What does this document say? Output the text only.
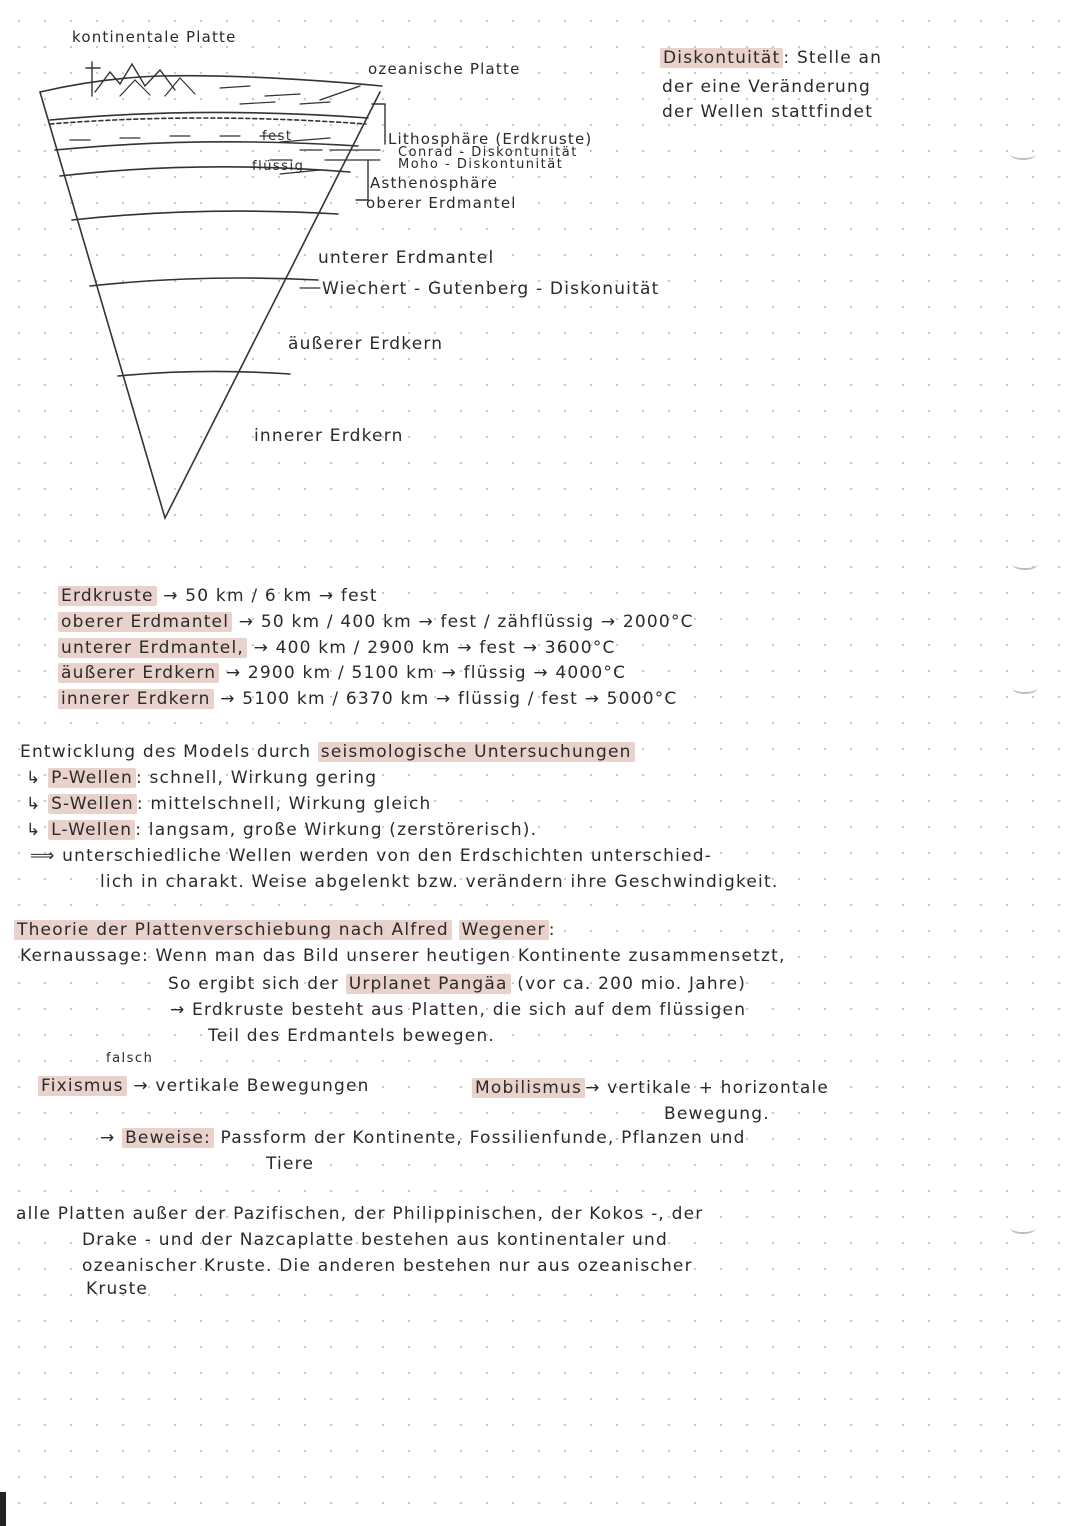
kontinentale Platte
ozeanische Platte
fest
flüssig
Lithosphäre (Erdkruste)
Conrad - Diskontunität
Moho - Diskontunität
Asthenosphäre
oberer Erdmantel
unterer Erdmantel
Wiechert - Gutenberg - Diskonuität
äußerer Erdkern
innerer Erdkern
Diskontuität : Stelle an
der eine Veränderung
der Wellen stattfindet
Erdkruste → 50 km / 6 km → fest
oberer Erdmantel → 50 km / 400 km → fest / zähflüssig → 2000°C
unterer Erdmantel, → 400 km / 2900 km → fest → 3600°C
äußerer Erdkern → 2900 km / 5100 km → flüssig → 4000°C
innerer Erdkern → 5100 km / 6370 km → flüssig / fest → 5000°C
Entwicklung des Models durch seismologische Untersuchungen
↳ P-Wellen : schnell, Wirkung gering
↳ S-Wellen : mittelschnell, Wirkung gleich
↳ L-Wellen : langsam, große Wirkung (zerstörerisch).
⟹ unterschiedliche Wellen werden von den Erdschichten unterschied-
lich in charakt. Weise abgelenkt bzw. verändern ihre Geschwindigkeit.
Theorie der Plattenverschiebung nach Alfred Wegener :
Kernaussage: Wenn man das Bild unserer heutigen Kontinente zusammensetzt,
So ergibt sich der Urplanet Pangäa (vor ca. 200 mio. Jahre)
→ Erdkruste besteht aus Platten, die sich auf dem flüssigen
Teil des Erdmantels bewegen.
falsch
Fixismus → vertikale Bewegungen	Mobilismus → vertikale + horizontale
Bewegung.
→ Beweise: Passform der Kontinente, Fossilienfunde, Pflanzen und
Tiere
alle Platten außer der Pazifischen, der Philippinischen, der Kokos -, der
Drake - und der Nazcaplatte bestehen aus kontinentaler und
ozeanischer Kruste. Die anderen bestehen nur aus ozeanischer
Kruste
